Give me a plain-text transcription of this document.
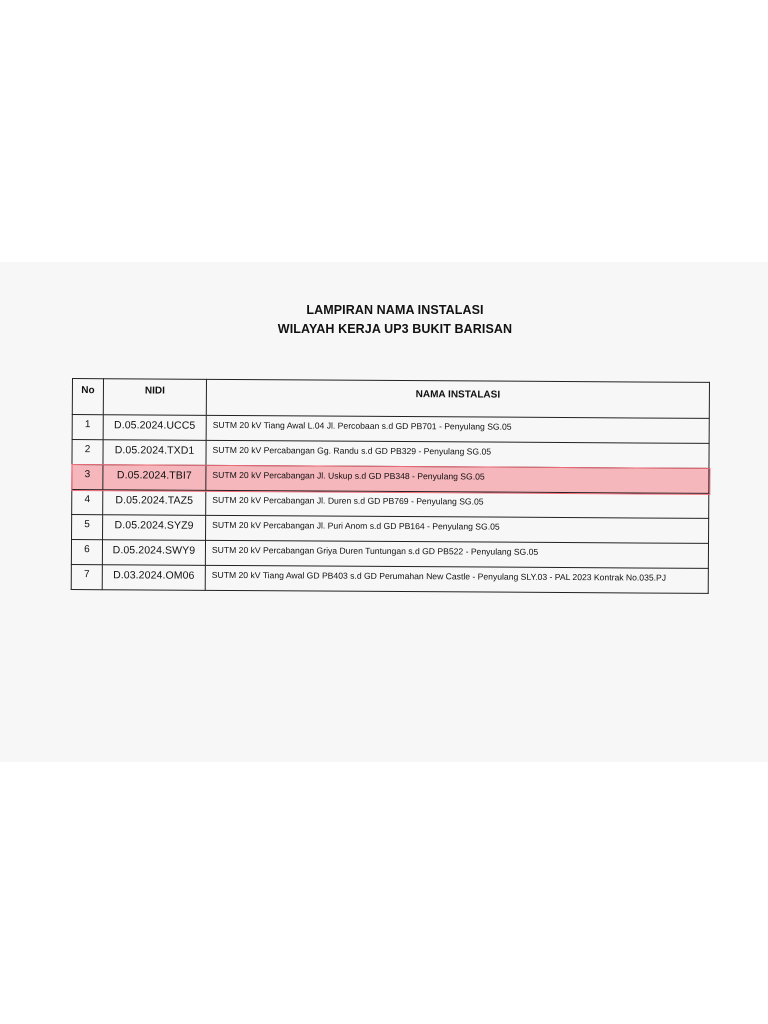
LAMPIRAN NAMA INSTALASI
WILAYAH KERJA UP3 BUKIT BARISAN
No	NIDI	NAMA INSTALASI
1	D.05.2024.UCC5	SUTM 20 kV Tiang Awal L.04 Jl. Percobaan s.d GD PB701 - Penyulang SG.05
2	D.05.2024.TXD1	SUTM 20 kV Percabangan Gg. Randu s.d GD PB329 - Penyulang SG.05
3	D.05.2024.TBI7	SUTM 20 kV Percabangan Jl. Uskup s.d GD PB348 - Penyulang SG.05
4	D.05.2024.TAZ5	SUTM 20 kV Percabangan Jl. Duren s.d GD PB769 - Penyulang SG.05
5	D.05.2024.SYZ9	SUTM 20 kV Percabangan Jl. Puri Anom s.d GD PB164 - Penyulang SG.05
6	D.05.2024.SWY9	SUTM 20 kV Percabangan Griya Duren Tuntungan s.d GD PB522 - Penyulang SG.05
7	D.03.2024.OM06	SUTM 20 kV Tiang Awal GD PB403 s.d GD Perumahan New Castle - Penyulang SLY.03 - PAL 2023 Kontrak No.035.PJ
